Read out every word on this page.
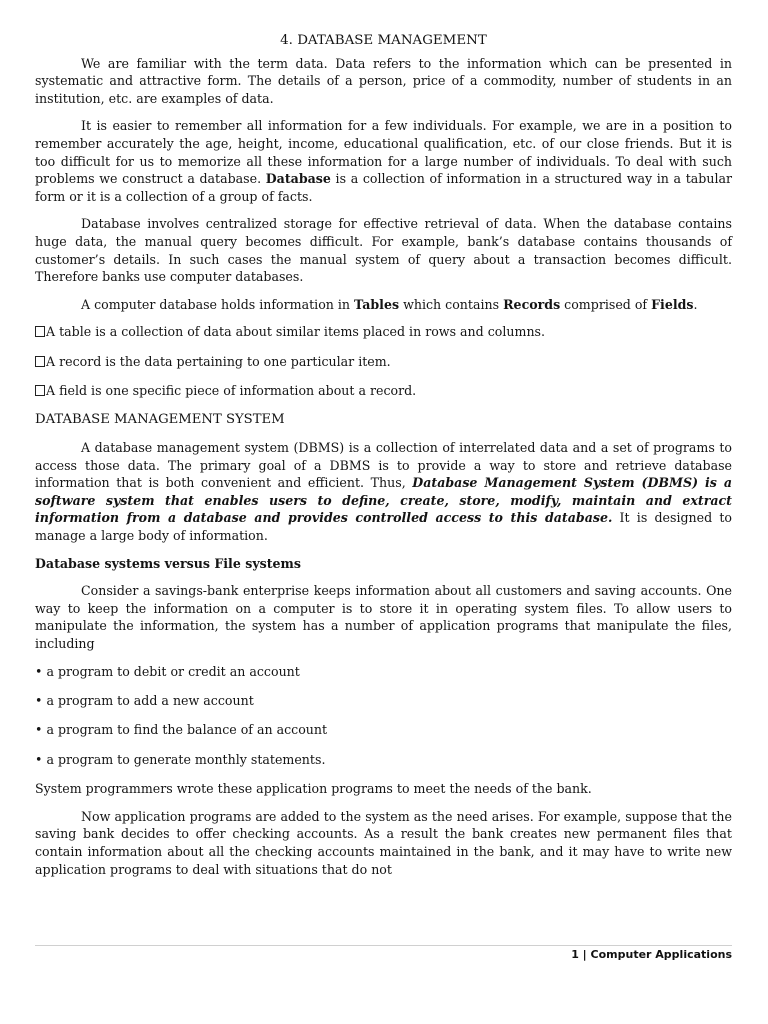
4. DATABASE MANAGEMENT

We are familiar with the term data. Data refers to the information which can be presented in systematic and attractive form. The details of a person, price of a commodity, number of students in an institution, etc. are examples of data.

It is easier to remember all information for a few individuals. For example, we are in a position to remember accurately the age, height, income, educational qualification, etc. of our close friends. But it is too difficult for us to memorize all these information for a large number of individuals. To deal with such problems we construct a database. Database is a collection of information in a structured way in a tabular form or it is a collection of a group of facts.

Database involves centralized storage for effective retrieval of data. When the database contains huge data, the manual query becomes difficult. For example, bank’s database contains thousands of customer’s details. In such cases the manual system of query about a transaction becomes difficult. Therefore banks use computer databases.

A computer database holds information in Tables which contains Records comprised of Fields.

A table is a collection of data about similar items placed in rows and columns.
A record is the data pertaining to one particular item.
A field is one specific piece of information about a record.
DATABASE MANAGEMENT SYSTEM

A database management system (DBMS) is a collection of interrelated data and a set of programs to access those data. The primary goal of a DBMS is to provide a way to store and retrieve database information that is both convenient and efficient. Thus, Database Management System (DBMS) is a software system that enables users to define, create, store, modify, maintain and extract information from a database and provides controlled access to this database. It is designed to manage a large body of information.

Database systems versus File systems

Consider a savings-bank enterprise keeps information about all customers and saving accounts. One way to keep the information on a computer is to store it in operating system files. To allow users to manipulate the information, the system has a number of application programs that manipulate the files, including

• a program to debit or credit an account
• a program to add a new account
• a program to find the balance of an account
• a program to generate monthly statements.

System programmers wrote these application programs to meet the needs of the bank.

Now application programs are added to the system as the need arises. For example, suppose that the saving bank decides to offer checking accounts. As a result the bank creates new permanent files that contain information about all the checking accounts maintained in the bank, and it may have to write new application programs to deal with situations that do not

1 | Computer Applications
